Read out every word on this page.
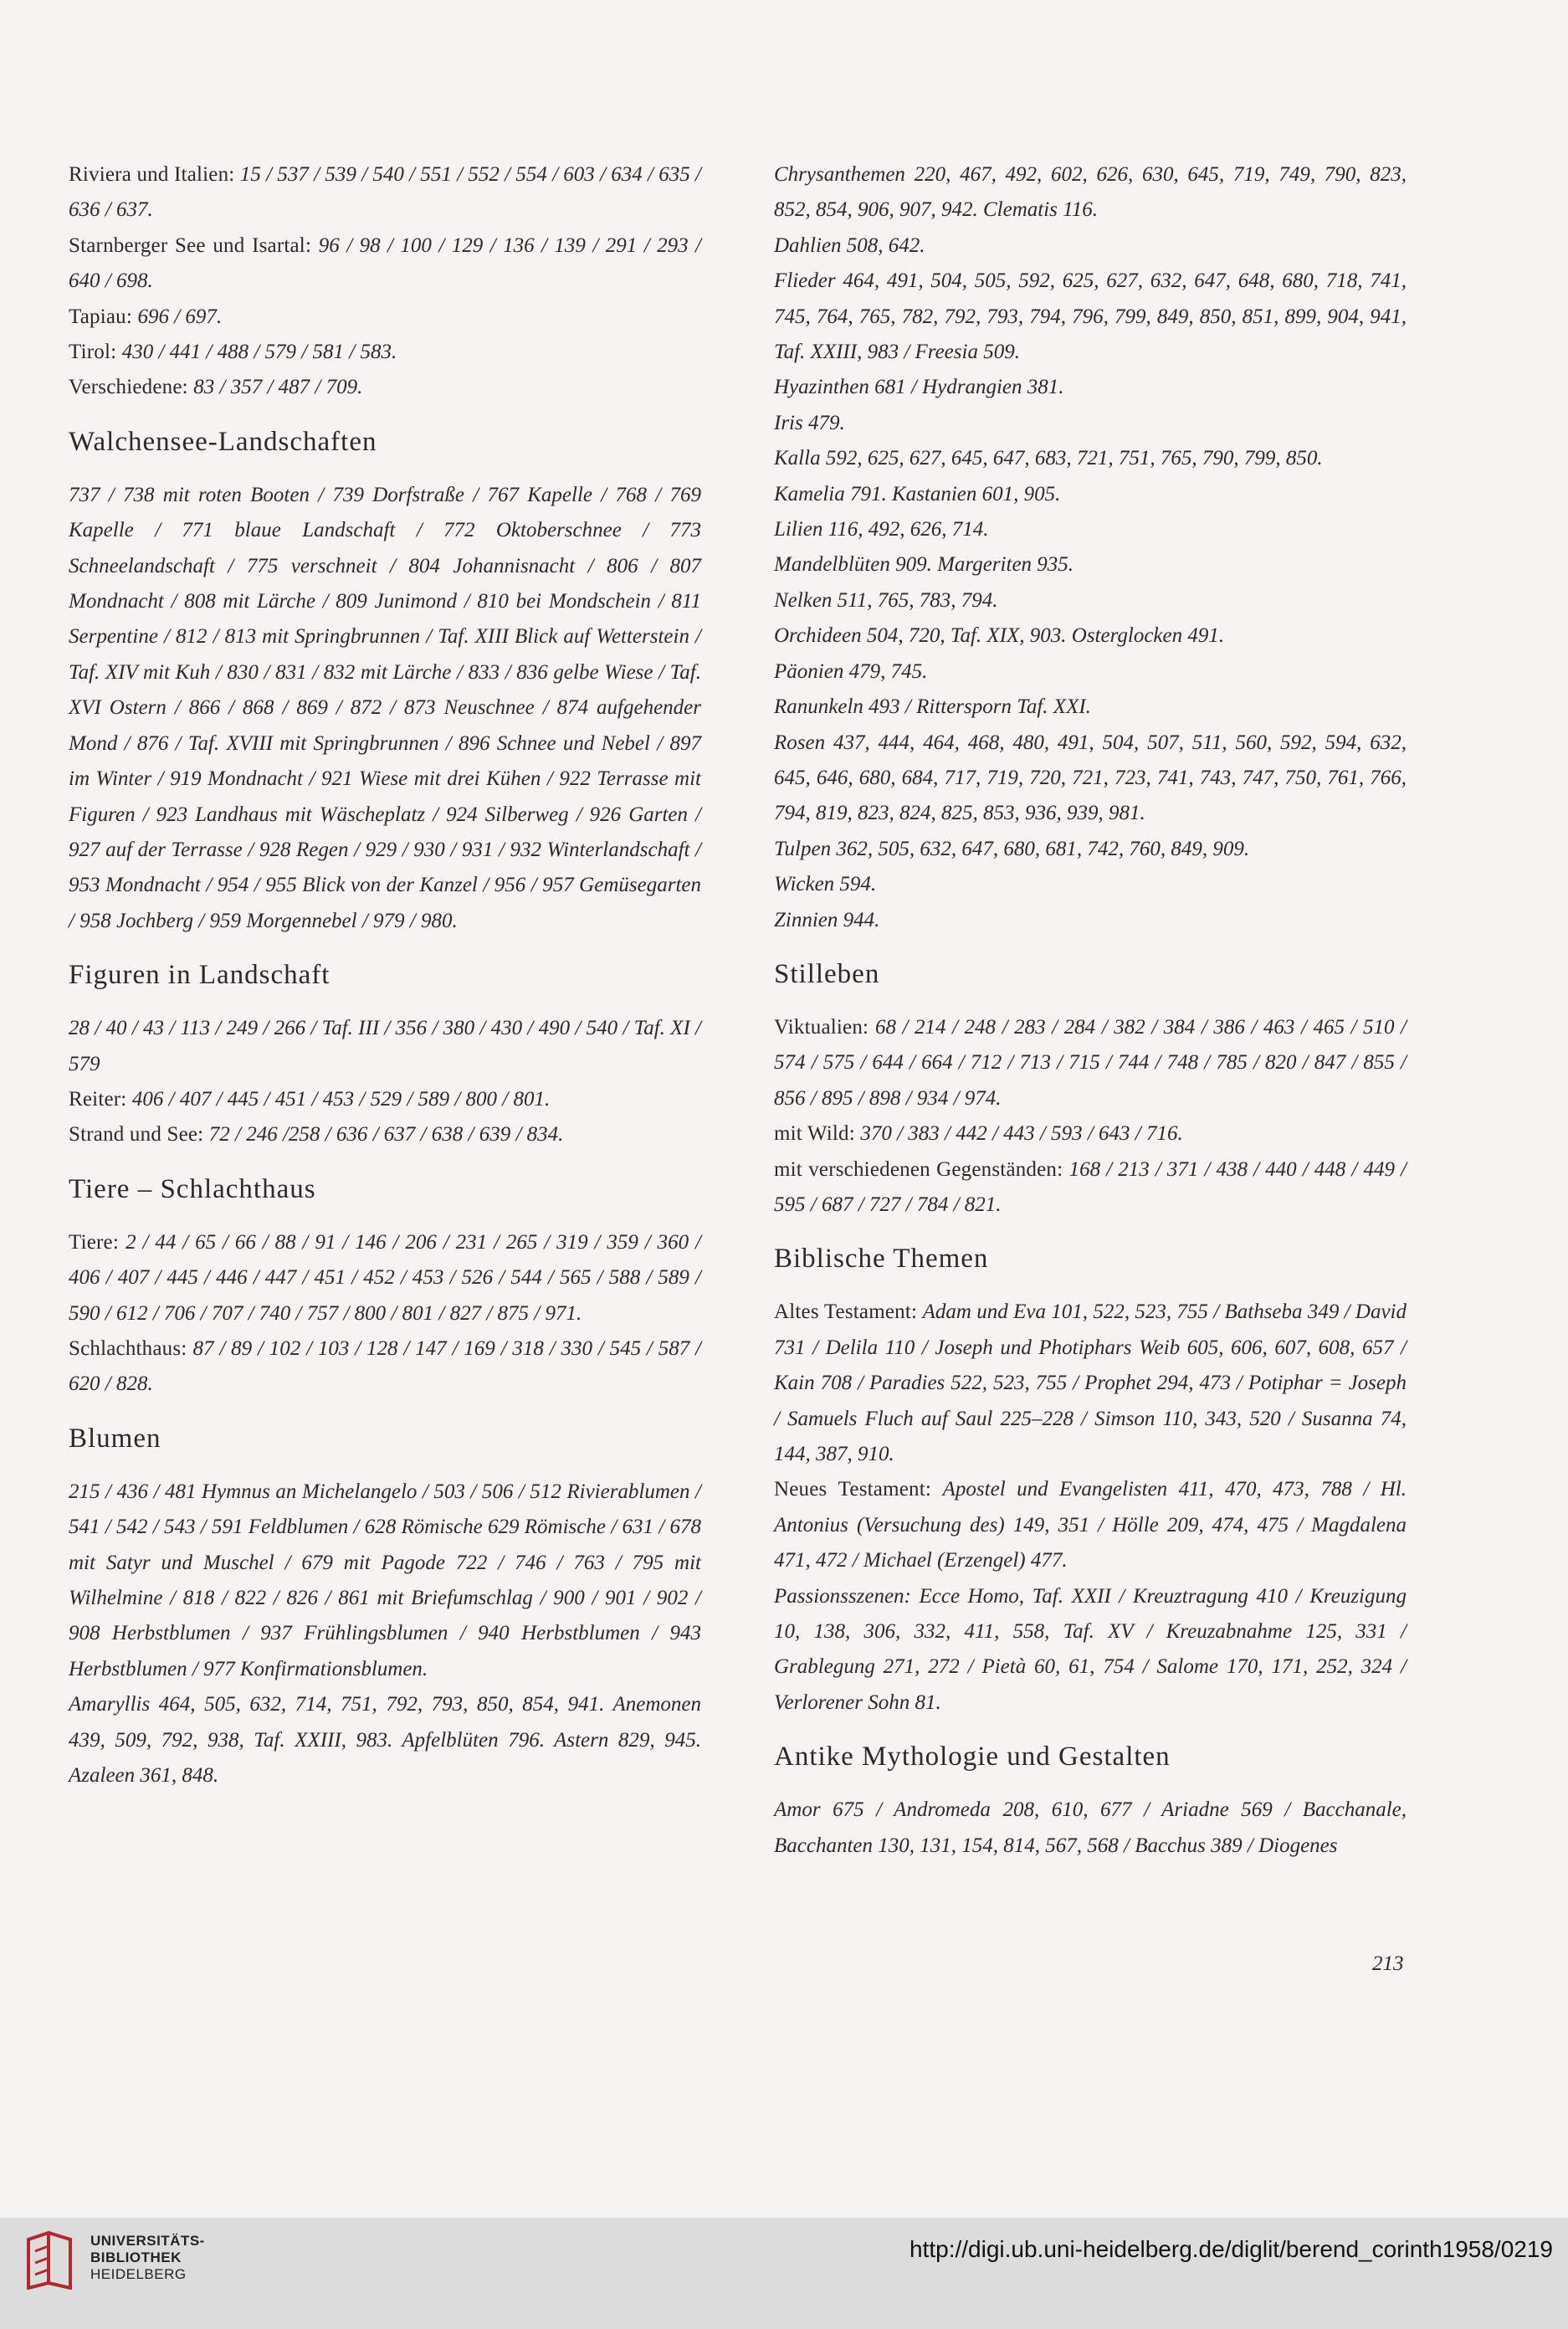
Riviera und Italien: 15 / 537 / 539 / 540 / 551 / 552 / 554 / 603 / 634 / 635 / 636 / 637.

Starnberger See und Isartal: 96 / 98 / 100 / 129 / 136 / 139 / 291 / 293 / 640 / 698.

Tapiau: 696 / 697.

Tirol: 430 / 441 / 488 / 579 / 581 / 583.

Verschiedene: 83 / 357 / 487 / 709.

Walchensee-Landschaften

737 / 738 mit roten Booten / 739 Dorfstraße / 767 Kapelle / 768 / 769 Kapelle / 771 blaue Landschaft / 772 Oktoberschnee / 773 Schneelandschaft / 775 verschneit / 804 Johannisnacht / 806 / 807 Mondnacht / 808 mit Lärche / 809 Junimond / 810 bei Mondschein / 811 Serpentine / 812 / 813 mit Springbrunnen / Taf. XIII Blick auf Wetterstein / Taf. XIV mit Kuh / 830 / 831 / 832 mit Lärche / 833 / 836 gelbe Wiese / Taf. XVI Ostern / 866 / 868 / 869 / 872 / 873 Neuschnee / 874 aufgehender Mond / 876 / Taf. XVIII mit Springbrunnen / 896 Schnee und Nebel / 897 im Winter / 919 Mondnacht / 921 Wiese mit drei Kühen / 922 Terrasse mit Figuren / 923 Landhaus mit Wäscheplatz / 924 Silberweg / 926 Garten / 927 auf der Terrasse / 928 Regen / 929 / 930 / 931 / 932 Winterlandschaft / 953 Mondnacht / 954 / 955 Blick von der Kanzel / 956 / 957 Gemüsegarten / 958 Jochberg / 959 Morgennebel / 979 / 980.

Figuren in Landschaft

28 / 40 / 43 / 113 / 249 / 266 / Taf. III / 356 / 380 / 430 / 490 / 540 / Taf. XI / 579

Reiter: 406 / 407 / 445 / 451 / 453 / 529 / 589 / 800 / 801.

Strand und See: 72 / 246 /258 / 636 / 637 / 638 / 639 / 834.

Tiere – Schlachthaus

Tiere: 2 / 44 / 65 / 66 / 88 / 91 / 146 / 206 / 231 / 265 / 319 / 359 / 360 / 406 / 407 / 445 / 446 / 447 / 451 / 452 / 453 / 526 / 544 / 565 / 588 / 589 / 590 / 612 / 706 / 707 / 740 / 757 / 800 / 801 / 827 / 875 / 971.

Schlachthaus: 87 / 89 / 102 / 103 / 128 / 147 / 169 / 318 / 330 / 545 / 587 / 620 / 828.

Blumen

215 / 436 / 481 Hymnus an Michelangelo / 503 / 506 / 512 Rivierablumen / 541 / 542 / 543 / 591 Feldblumen / 628 Römische 629 Römische / 631 / 678 mit Satyr und Muschel / 679 mit Pagode 722 / 746 / 763 / 795 mit Wilhelmine / 818 / 822 / 826 / 861 mit Briefumschlag / 900 / 901 / 902 / 908 Herbstblumen / 937 Frühlingsblumen / 940 Herbstblumen / 943 Herbstblumen / 977 Konfirmationsblumen.

Amaryllis 464, 505, 632, 714, 751, 792, 793, 850, 854, 941. Anemonen 439, 509, 792, 938, Taf. XXIII, 983. Apfelblüten 796. Astern 829, 945. Azaleen 361, 848.

Chrysanthemen 220, 467, 492, 602, 626, 630, 645, 719, 749, 790, 823, 852, 854, 906, 907, 942. Clematis 116.

Dahlien 508, 642.

Flieder 464, 491, 504, 505, 592, 625, 627, 632, 647, 648, 680, 718, 741, 745, 764, 765, 782, 792, 793, 794, 796, 799, 849, 850, 851, 899, 904, 941, Taf. XXIII, 983 / Freesia 509.

Hyazinthen 681 / Hydrangien 381.

Iris 479.

Kalla 592, 625, 627, 645, 647, 683, 721, 751, 765, 790, 799, 850.

Kamelia 791. Kastanien 601, 905.

Lilien 116, 492, 626, 714.

Mandelblüten 909. Margeriten 935.

Nelken 511, 765, 783, 794.

Orchideen 504, 720, Taf. XIX, 903. Osterglocken 491.

Päonien 479, 745.

Ranunkeln 493 / Rittersporn Taf. XXI.

Rosen 437, 444, 464, 468, 480, 491, 504, 507, 511, 560, 592, 594, 632, 645, 646, 680, 684, 717, 719, 720, 721, 723, 741, 743, 747, 750, 761, 766, 794, 819, 823, 824, 825, 853, 936, 939, 981.

Tulpen 362, 505, 632, 647, 680, 681, 742, 760, 849, 909.

Wicken 594.

Zinnien 944.

Stilleben

Viktualien: 68 / 214 / 248 / 283 / 284 / 382 / 384 / 386 / 463 / 465 / 510 / 574 / 575 / 644 / 664 / 712 / 713 / 715 / 744 / 748 / 785 / 820 / 847 / 855 / 856 / 895 / 898 / 934 / 974.

mit Wild: 370 / 383 / 442 / 443 / 593 / 643 / 716.

mit verschiedenen Gegenständen: 168 / 213 / 371 / 438 / 440 / 448 / 449 / 595 / 687 / 727 / 784 / 821.

Biblische Themen

Altes Testament: Adam und Eva 101, 522, 523, 755 / Bathseba 349 / David 731 / Delila 110 / Joseph und Photiphars Weib 605, 606, 607, 608, 657 / Kain 708 / Paradies 522, 523, 755 / Prophet 294, 473 / Potiphar = Joseph / Samuels Fluch auf Saul 225–228 / Simson 110, 343, 520 / Susanna 74, 144, 387, 910.

Neues Testament: Apostel und Evangelisten 411, 470, 473, 788 / Hl. Antonius (Versuchung des) 149, 351 / Hölle 209, 474, 475 / Magdalena 471, 472 / Michael (Erzengel) 477.

Passionsszenen: Ecce Homo, Taf. XXII / Kreuztragung 410 / Kreuzigung 10, 138, 306, 332, 411, 558, Taf. XV / Kreuzabnahme 125, 331 / Grablegung 271, 272 / Pietà 60, 61, 754 / Salome 170, 171, 252, 324 / Verlorener Sohn 81.

Antike Mythologie und Gestalten

Amor 675 / Andromeda 208, 610, 677 / Ariadne 569 / Bacchanale, Bacchanten 130, 131, 154, 814, 567, 568 / Bacchus 389 / Diogenes

213
UNIVERSITÄTS-
BIBLIOTHEK
HEIDELBERG
http://digi.ub.uni-heidelberg.de/diglit/berend_corinth1958/0219
